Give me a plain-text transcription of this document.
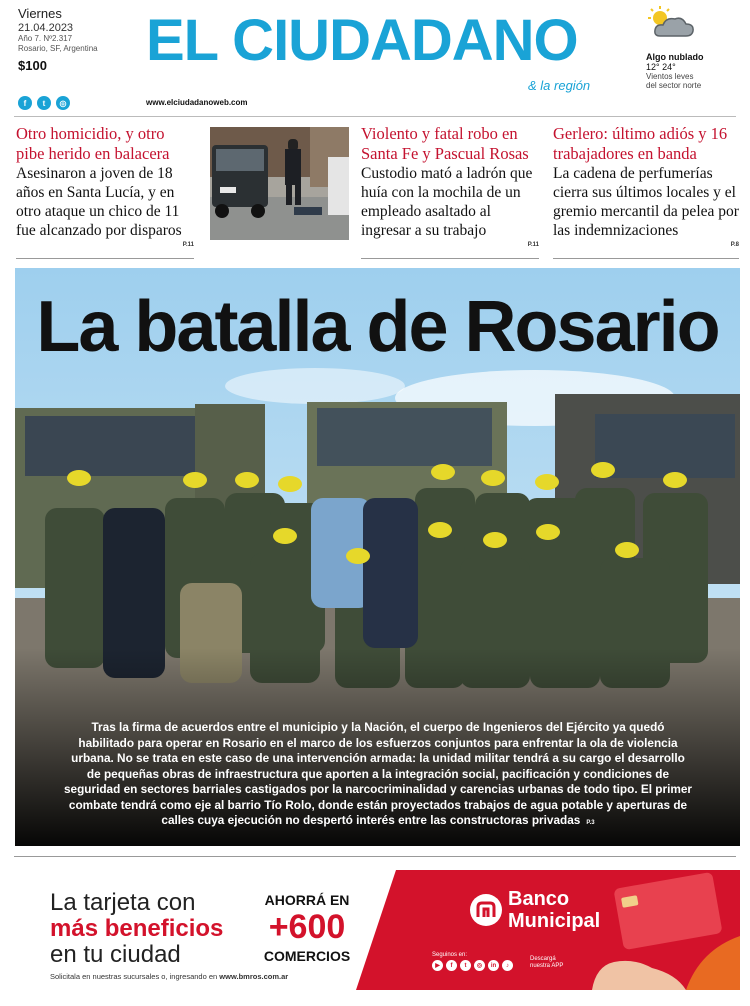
Viernes
21.04.2023
Año 7. Nº2.317
Rosario, SF, Argentina
$100	EL CIUDADANO
& la región
f	t	◎	www.elciudadanoweb.com
Algo nublado
12° 24°
Vientos leves
del sector norte
Otro homicidio, y otro pibe herido en balacera
Asesinaron a joven de 18 años en Santa Lucía, y en otro ataque un chico de 11 fue alcanzado por disparos
P.11
Violento y fatal robo en Santa Fe y Pascual Rosas
Custodio mató a ladrón que huía con la mochila de un empleado asaltado al ingresar a su trabajo
P.11
Gerlero: último adiós y 16 trabajadores en banda
La cadena de perfumerías cierra sus últimos locales y el gremio mercantil da pelea por las indemnizaciones
P.8
La batalla de Rosario
Tras la firma de acuerdos entre el municipio y la Nación, el cuerpo de Ingenieros del Ejército ya quedó habilitado para operar en Rosario en el marco de los esfuerzos conjuntos para enfrentar la ola de violencia urbana. No se trata en este caso de una intervención armada: la unidad militar tendrá a su cargo el desarrollo de pequeñas obras de infraestructura que aporten a la integración social, pacificación y condiciones de seguridad en sectores barriales castigados por la narcocriminalidad y carencias urbanas de todo tipo. El primer combate tendrá como eje al barrio Tío Rolo, donde están proyectados trabajos de agua potable y aperturas de calles cuya ejecución no despertó interés entre las constructoras privadas P.3
La tarjeta con
más beneficios
en tu ciudad
AHORRÁ EN
+600
COMERCIOS
Solicitala en nuestras sucursales o, ingresando en www.bmros.com.ar
Banco
Municipal
Seguinos en:
▶	f	t	◎	in	♪
Descargá
nuestra APP
